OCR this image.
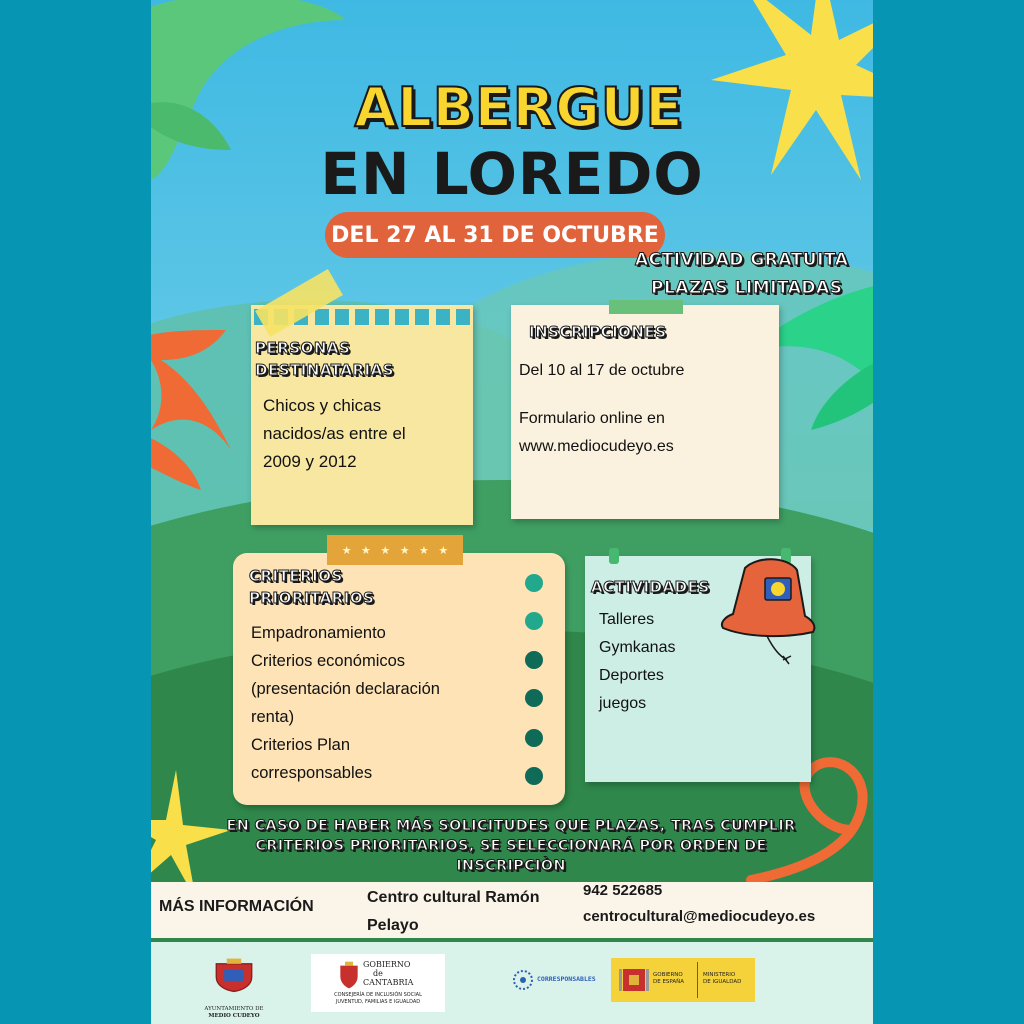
ALBERGUE
EN LOREDO
DEL 27 AL 31 DE OCTUBRE
ACTIVIDAD GRATUITA
PLAZAS LIMITADAS
PERSONAS
DESTINATARIAS
Chicos y chicas
nacidos/as entre el
2009 y 2012
INSCRIPCIONES
Del 10 al 17 de octubre
Formulario online en
www.mediocudeyo.es
CRITERIOS
PRIORITARIOS
Empadronamiento
Criterios económicos
(presentación declaración
renta)
Criterios Plan
corresponsables
★ ★ ★ ★ ★ ★
ACTIVIDADES
Talleres
Gymkanas
Deportes
juegos
EN CASO DE HABER MÁS SOLICITUDES QUE PLAZAS, TRAS CUMPLIR
CRITERIOS PRIORITARIOS, SE SELECCIONARÁ POR ORDEN DE
INSCRIPCIÒN
MÁS INFORMACIÓN
Centro cultural Ramón
Pelayo
942 522685
centrocultural@mediocudeyo.es
AYUNTAMIENTO DE
MEDIO CUDEYO
GOBIERNO
de
CANTABRIA
CONSEJERÍA DE INCLUSIÓN SOCIAL
JUVENTUD, FAMILIAS E IGUALDAD
CORRESPONSABLES	GOBIERNO
DE ESPAÑA
MINISTERIO
DE IGUALDAD
